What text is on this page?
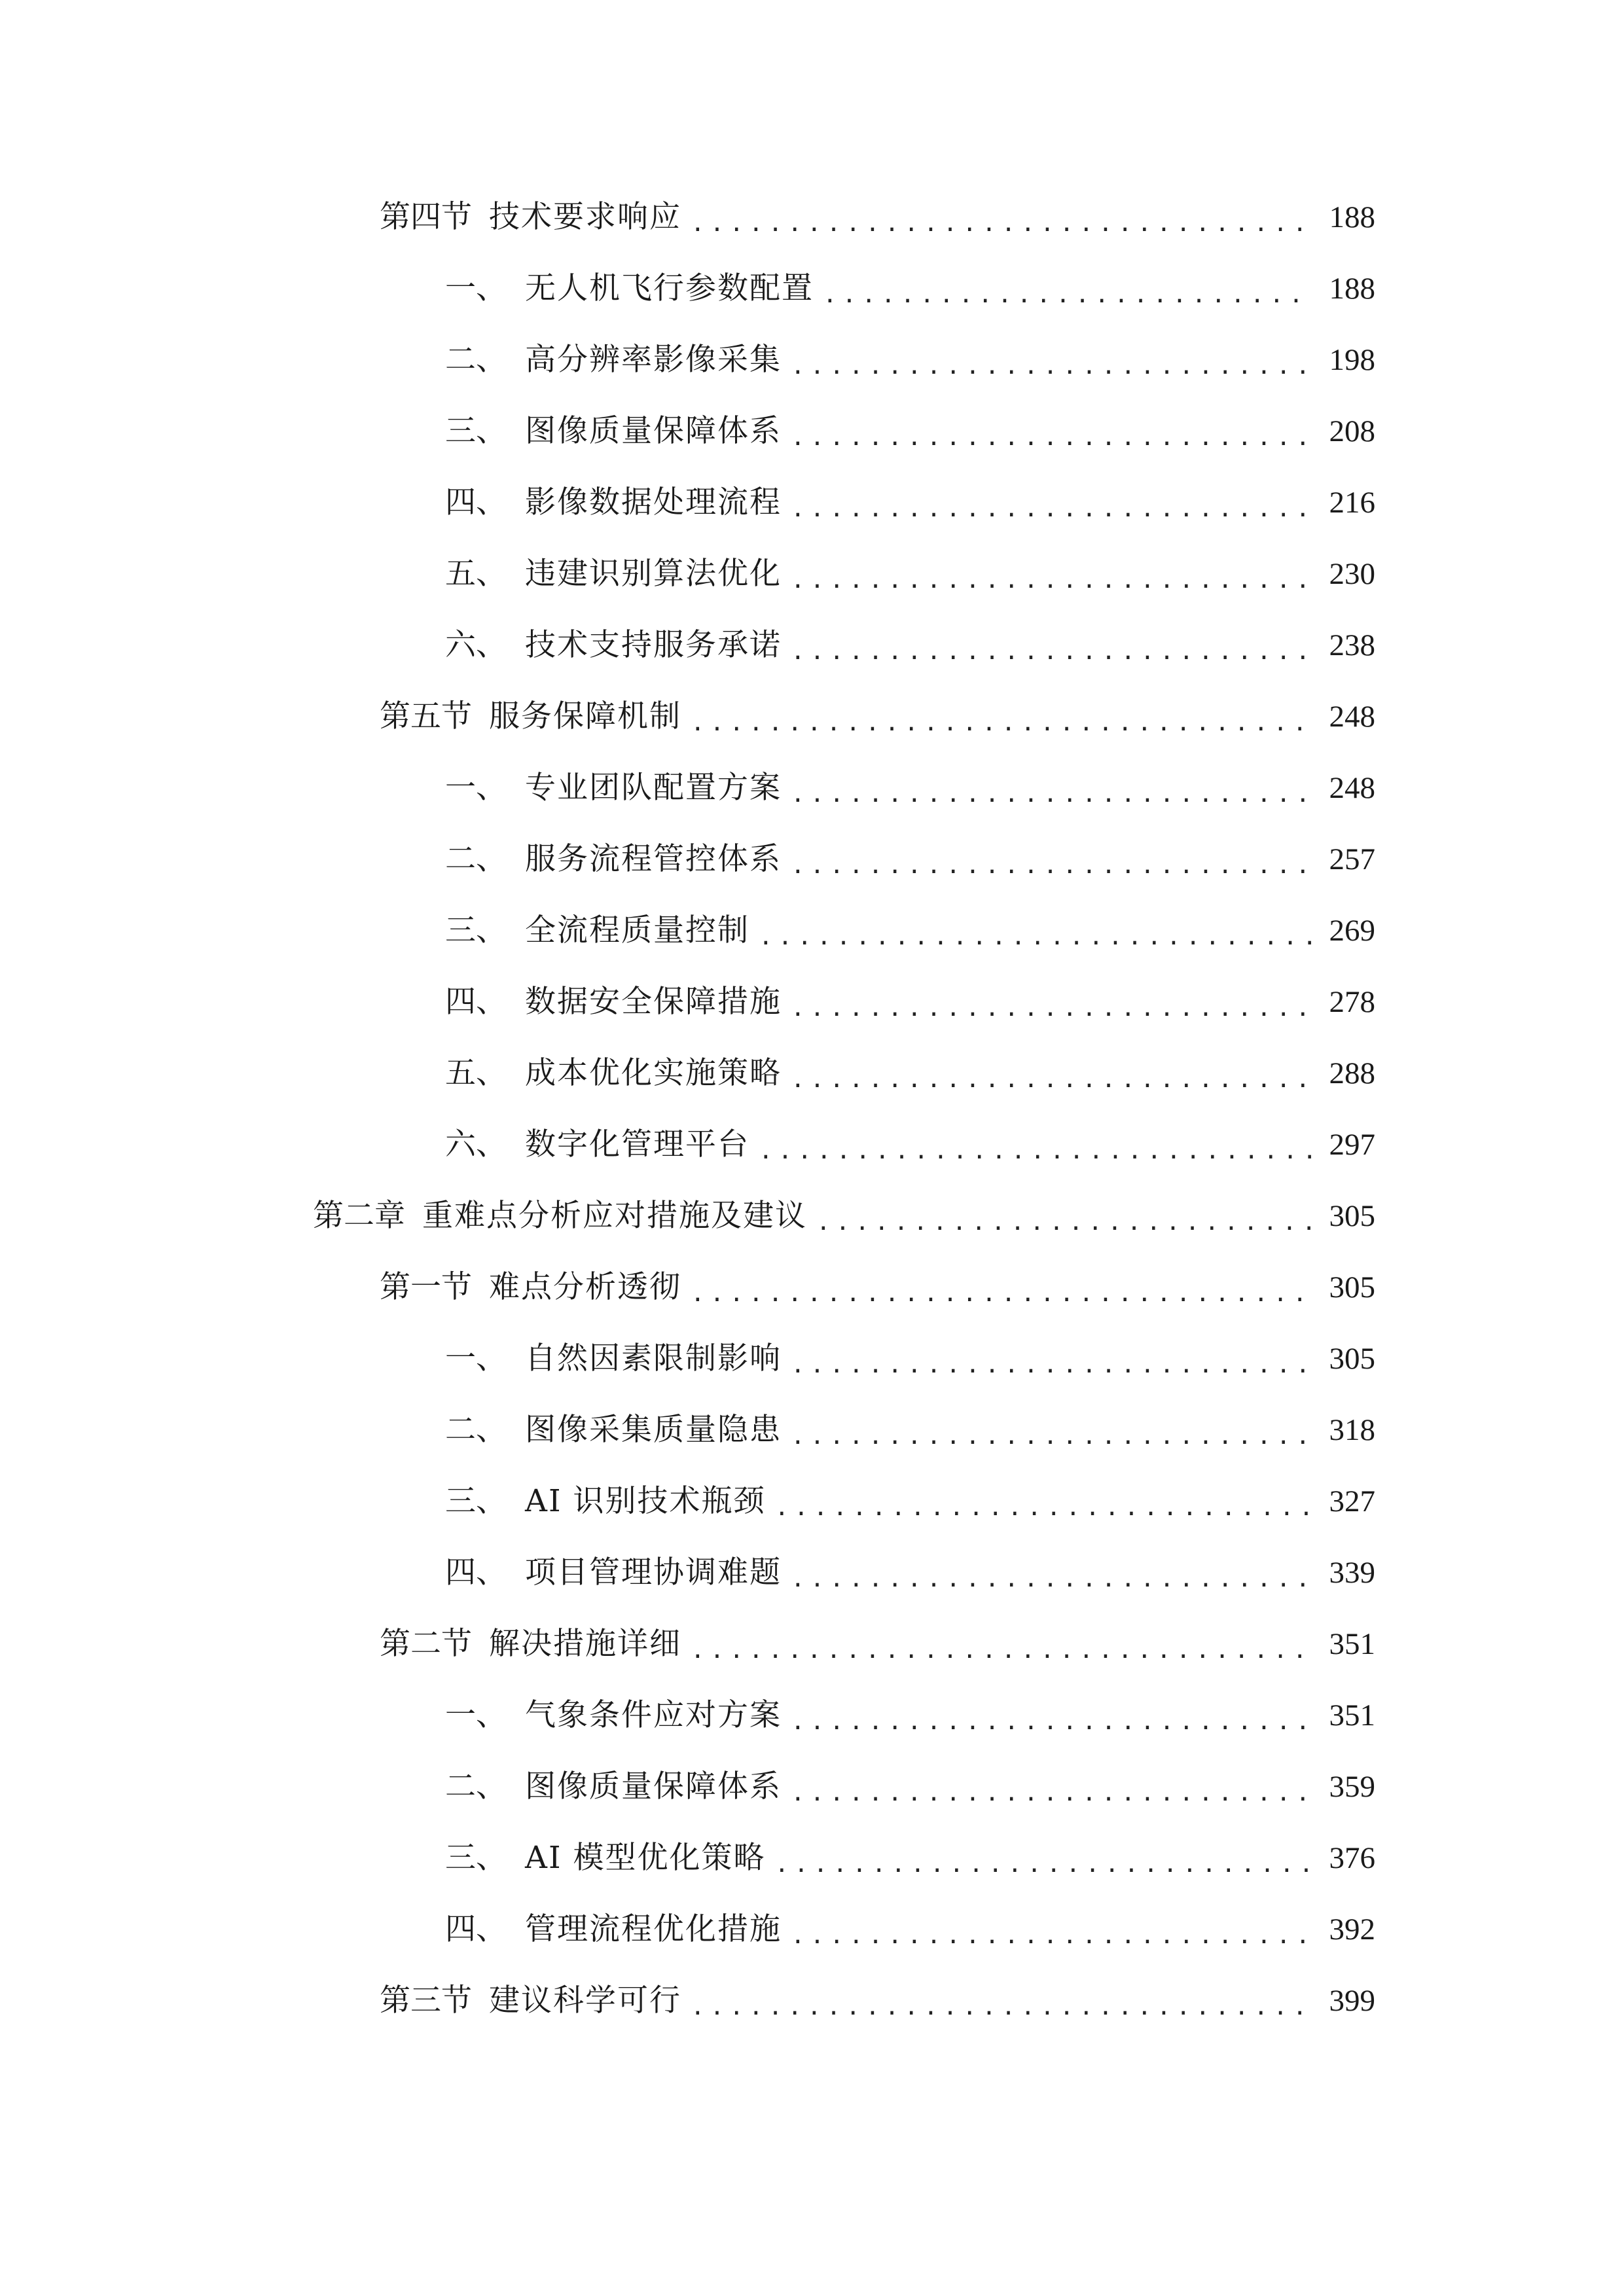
第四节 技术要求响应 .....	188
一、 无人机飞行参数配置 .....	188
二、 高分辨率影像采集 .....	198
三、 图像质量保障体系 .....	208
四、 影像数据处理流程 .....	216
五、 违建识别算法优化 .....	230
六、 技术支持服务承诺 .....	238
第五节 服务保障机制 .....	248
一、 专业团队配置方案 .....	248
二、 服务流程管控体系 .....	257
三、 全流程质量控制 .....	269
四、 数据安全保障措施 .....	278
五、 成本优化实施策略 .....	288
六、 数字化管理平台 .....	297
第二章 重难点分析应对措施及建议 .....	305
第一节 难点分析透彻 .....	305
一、 自然因素限制影响 .....	305
二、 图像采集质量隐患 .....	318
三、 AI 识别技术瓶颈 .....	327
四、 项目管理协调难题 .....	339
第二节 解决措施详细 .....	351
一、 气象条件应对方案 .....	351
二、 图像质量保障体系 .....	359
三、 AI 模型优化策略 .....	376
四、 管理流程优化措施 .....	392
第三节 建议科学可行 .....	399
